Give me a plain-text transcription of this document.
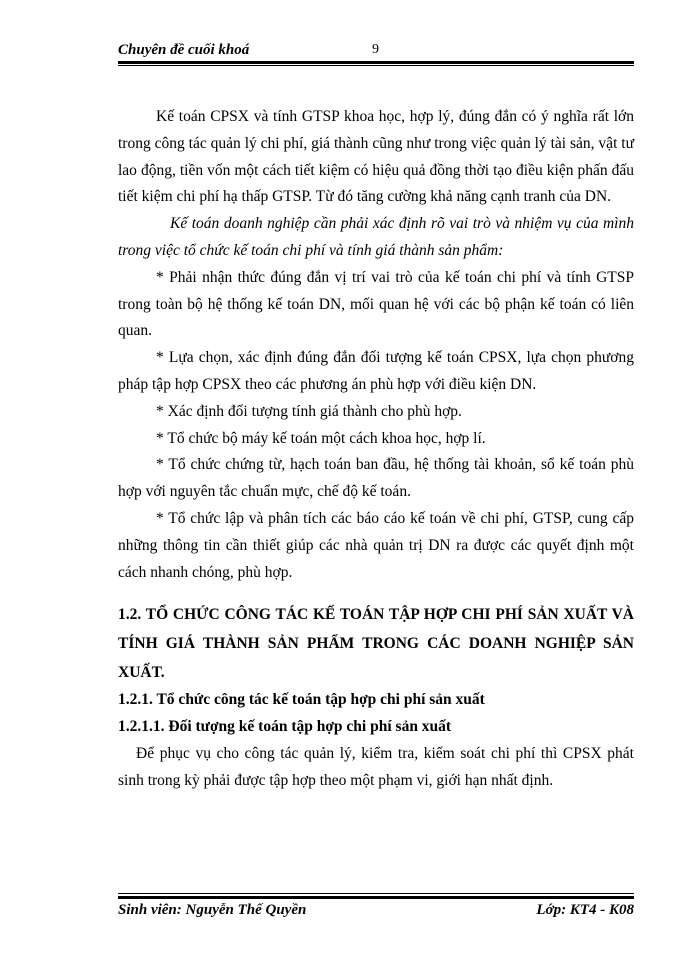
Chuyên đề cuối khoá	9

Kế toán CPSX và tính GTSP khoa học, hợp lý, đúng đắn có ý nghĩa rất lớn trong công tác quản lý chi phí, giá thành cũng như trong việc quản lý tài sản, vật tư lao động, tiền vốn một cách tiết kiệm có hiệu quả đồng thời tạo điều kiện phấn đấu tiết kiệm chi phí hạ thấp GTSP. Từ đó tăng cường khả năng cạnh tranh của DN.

Kế toán doanh nghiệp cần phải xác định rõ vai trò và nhiệm vụ của mình trong việc tổ chức kế toán chi phí và tính giá thành sản phẩm:

* Phải nhận thức đúng đắn vị trí vai trò của kế toán chi phí và tính GTSP trong toàn bộ hệ thống kế toán DN, mối quan hệ với các bộ phận kế toán có liên quan.

* Lựa chọn, xác định đúng đắn đối tượng kế toán CPSX, lựa chọn phương pháp tập hợp CPSX theo các phương án phù hợp với điều kiện DN.

* Xác định đối tượng tính giá thành cho phù hợp.

* Tổ chức bộ máy kế toán một cách khoa học, hợp lí.

* Tổ chức chứng từ, hạch toán ban đầu, hệ thống tài khoản, sổ kế toán phù hợp với nguyên tắc chuẩn mực, chế độ kế toán.

* Tổ chức lập và phân tích các báo cáo kế toán về chi phí, GTSP, cung cấp những thông tin cần thiết giúp các nhà quản trị DN ra được các quyết định một cách nhanh chóng, phù hợp.

1.2. TỔ CHỨC CÔNG TÁC KẾ TOÁN TẬP HỢP CHI PHÍ SẢN XUẤT VÀ TÍNH GIÁ THÀNH SẢN PHẨM TRONG CÁC DOANH NGHIỆP SẢN XUẤT.

1.2.1. Tổ chức công tác kế toán tập hợp chi phí sản xuất

1.2.1.1. Đối tượng kế toán tập hợp chi phí sản xuất

Để phục vụ cho công tác quản lý, kiểm tra, kiểm soát chi phí thì CPSX phát sinh trong kỳ phải được tập hợp theo một phạm vi, giới hạn nhất định.

Sinh viên: Nguyễn Thế Quyền	Lớp: KT4 - K08
